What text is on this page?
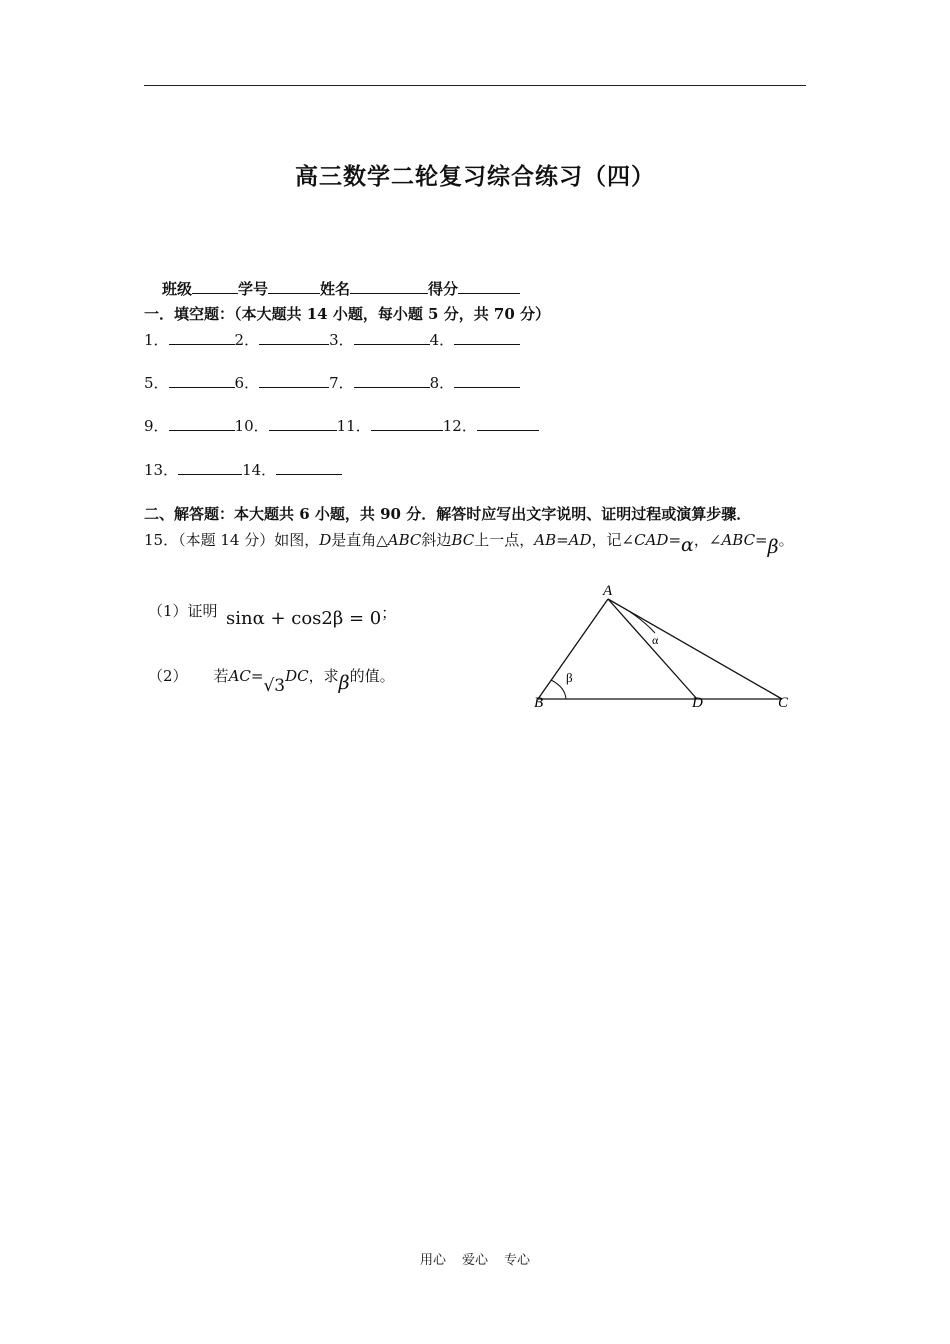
高三数学二轮复习综合练习（四）
班级	学号	姓名	得分
一．填空题：（本大题共 14 小题，每小题 5 分，共 70 分）
1．	2．	3．	4．
5．	6．	7．	8．
9．	10．	11．	12．
13．	14．
二、解答题：本大题共 6 小题，共 90 分．解答时应写出文字说明、证明过程或演算步骤．
15．（本题 14 分）如图，D是直角△ABC斜边BC上一点，AB=AD，记∠CAD=α，∠ABC=β。
（1）证明 sinα + cos2β = 0；
（2） 若AC=√3DC，求β的值。
A
B	D	C
α
β
用心 爱心 专心
